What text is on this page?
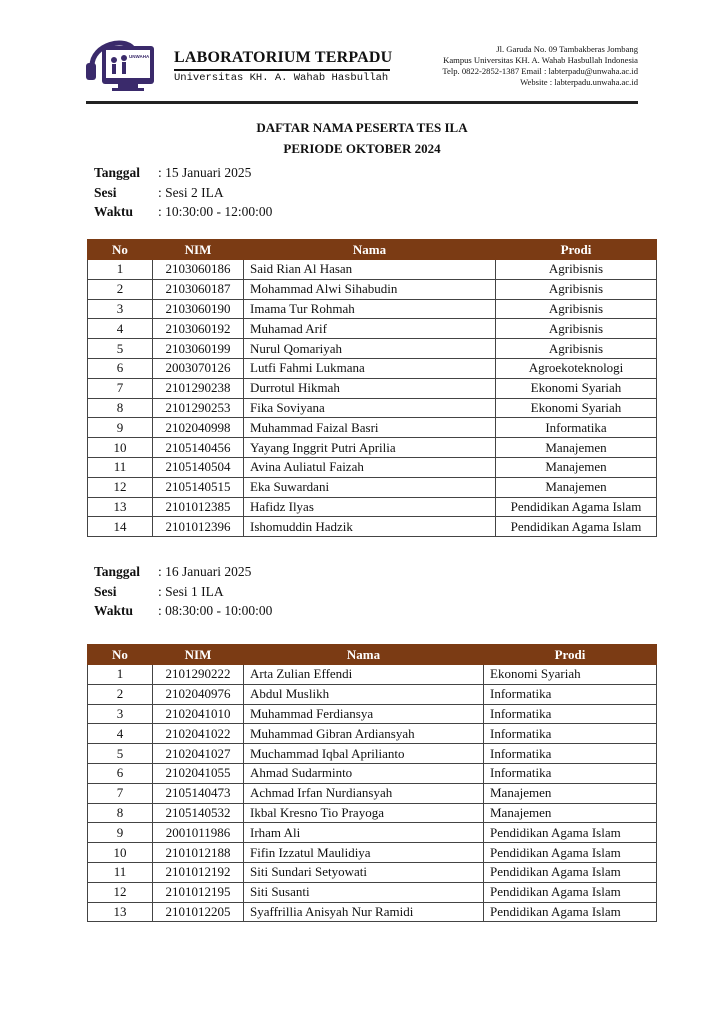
UNWAHA LABORATORIUM TERPADU
Universitas KH. A. Wahab Hasbullah
Jl. Garuda No. 09 Tambakberas Jombang
Kampus Universitas KH. A. Wahab Hasbullah Indonesia
Telp. 0822-2852-1387 Email : labterpadu@unwaha.ac.id
Website : labterpadu.unwaha.ac.id
DAFTAR NAMA PESERTA TES ILA
PERIODE OKTOBER 2024
Tanggal : 15 Januari 2025
Sesi	: Sesi 2 ILA
Waktu : 10:30:00 - 12:00:00
No	NIM	Nama	Prodi
1	2103060186	Said Rian Al Hasan	Agribisnis
2	2103060187	Mohammad Alwi Sihabudin	Agribisnis
3	2103060190	Imama Tur Rohmah	Agribisnis
4	2103060192	Muhamad Arif	Agribisnis
5	2103060199	Nurul Qomariyah	Agribisnis
6	2003070126	Lutfi Fahmi Lukmana	Agroekoteknologi
7	2101290238	Durrotul Hikmah	Ekonomi Syariah
8	2101290253	Fika Soviyana	Ekonomi Syariah
9	2102040998	Muhammad Faizal Basri	Informatika
10	2105140456	Yayang Inggrit Putri Aprilia	Manajemen
11	2105140504	Avina Auliatul Faizah	Manajemen
12	2105140515	Eka Suwardani	Manajemen
13	2101012385	Hafidz Ilyas	Pendidikan Agama Islam
14	2101012396	Ishomuddin Hadzik	Pendidikan Agama Islam
Tanggal : 16 Januari 2025
Sesi	: Sesi 1 ILA
Waktu : 08:30:00 - 10:00:00
No	NIM	Nama	Prodi
1	2101290222	Arta Zulian Effendi	Ekonomi Syariah
2	2102040976	Abdul Muslikh	Informatika
3	2102041010	Muhammad Ferdiansya	Informatika
4	2102041022	Muhammad Gibran Ardiansyah	Informatika
5	2102041027	Muchammad Iqbal Aprilianto	Informatika
6	2102041055	Ahmad Sudarminto	Informatika
7	2105140473	Achmad Irfan Nurdiansyah	Manajemen
8	2105140532	Ikbal Kresno Tio Prayoga	Manajemen
9	2001011986	Irham Ali	Pendidikan Agama Islam
10	2101012188	Fifin Izzatul Maulidiya	Pendidikan Agama Islam
11	2101012192	Siti Sundari Setyowati	Pendidikan Agama Islam
12	2101012195	Siti Susanti	Pendidikan Agama Islam
13	2101012205	Syaffrillia Anisyah Nur Ramidi	Pendidikan Agama Islam
